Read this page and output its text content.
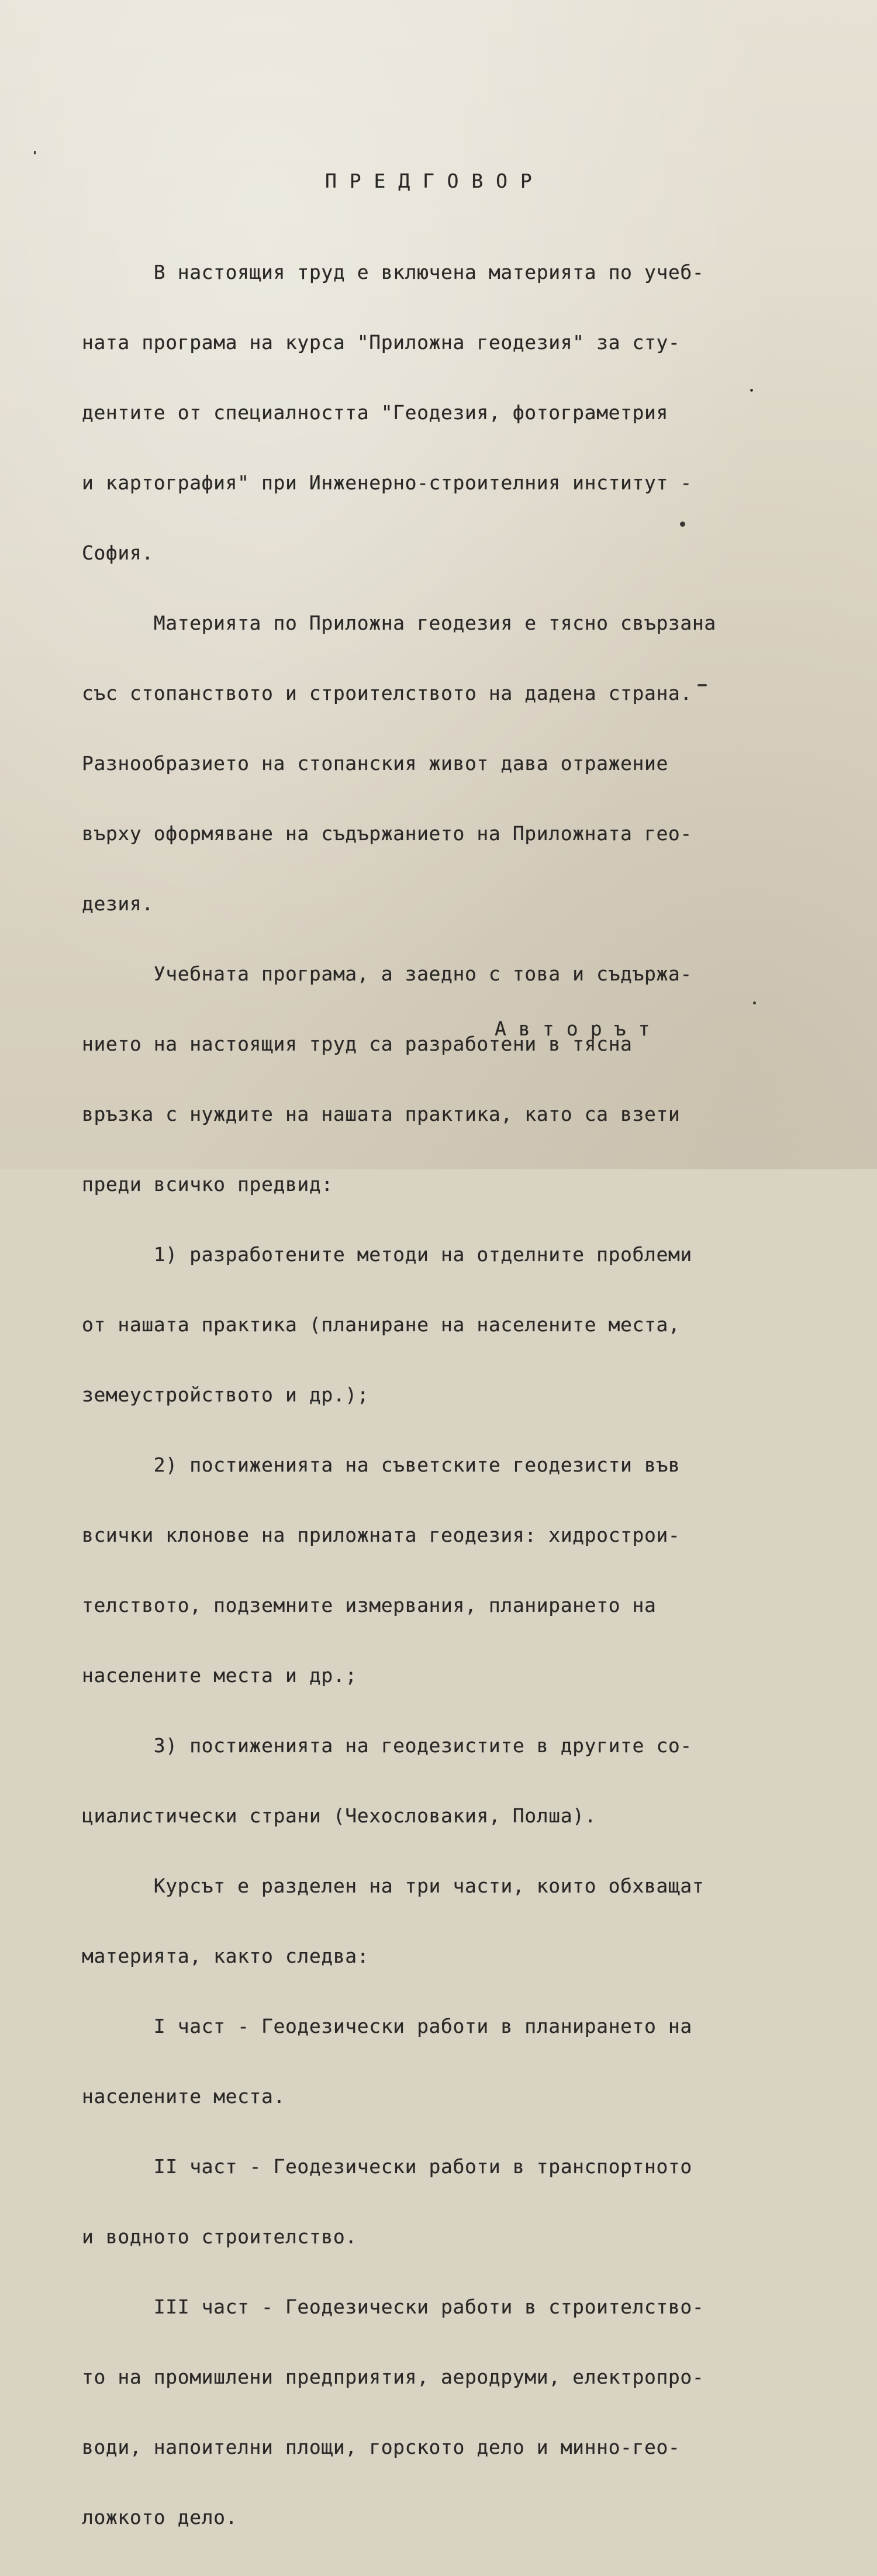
П Р Е Д Г О В О Р

В настоящия труд е включена материята по учеб-

ната програма на курса "Приложна геодезия" за сту-

дентите от специалността "Геодезия, фотограметрия

и картография" при Инженерно-строителния институт -

София.

Материята по Приложна геодезия е тясно свързана

със стопанството и строителството на дадена страна.

Разнообразието на стопанския живот дава отражение

върху оформяване на съдържанието на Приложната гео-

дезия.

Учебната програма, а заедно с това и съдържа-

нието на настоящия труд са разработени в тясна

връзка с нуждите на нашата практика, като са взети

преди всичко предвид:

1) разработените методи на отделните проблеми

от нашата практика (планиране на населените места,

земеустройството и др.);

2) постиженията на съветските геодезисти във

всички клонове на приложната геодезия: хидрострои-

телството, подземните измервания, планирането на

населените места и др.;

3) постиженията на геодезистите в другите со-

циалистически страни (Чехословакия, Полша).

Курсът е разделен на три части, които обхващат

материята, както следва:

I част - Геодезически работи в планирането на

населените места.

II част - Геодезически работи в транспортното

и водното строителство.

III част - Геодезически работи в строителство-

то на промишлени предприятия, аеродруми, електропро-

води, напоителни площи, горското дело и минно-гео-

ложкото дело.

А в т о р ъ т
